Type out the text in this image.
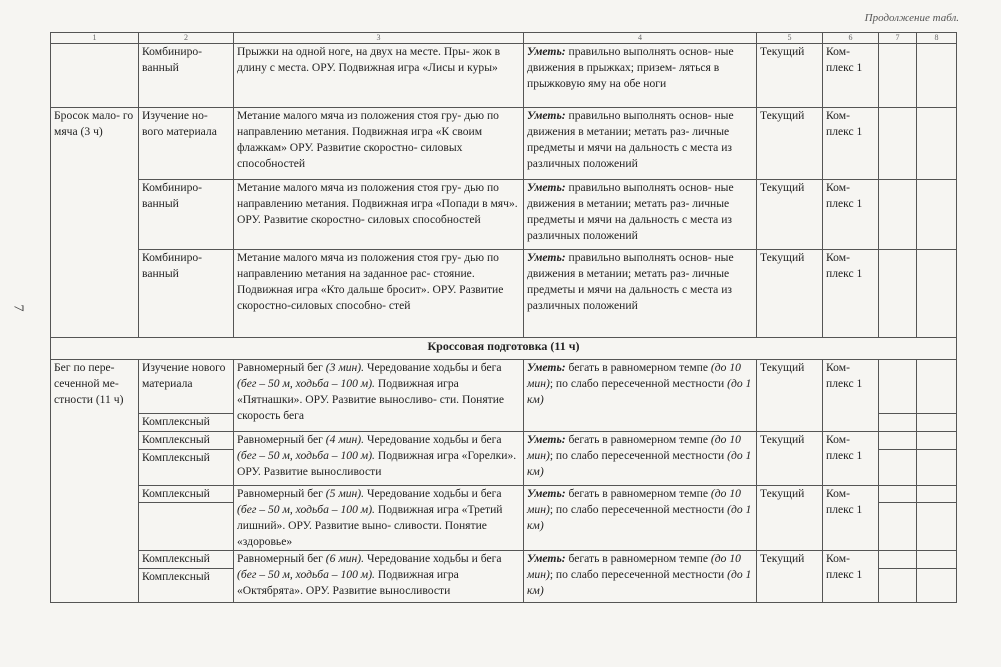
Продолжение табл.
7
1	2	3	4	5	6	7	8
	Комбиниро- ванный	Прыжки на одной ноге, на двух на месте. Пры- жок в длину с места. ОРУ. Подвижная игра «Лисы и куры»	Уметь: правильно выполнять основ- ные движения в прыжках; призем- ляться в прыжковую яму на обе ноги	Текущий	Ком- плекс 1		
Бросок мало- го мяча (3 ч)	Изучение но- вого материала	Метание малого мяча из положения стоя гру- дью по направлению метания. Подвижная игра «К своим флажкам» ОРУ. Развитие скоростно- силовых способностей	Уметь: правильно выполнять основ- ные движения в метании; метать раз- личные предметы и мячи на дальность с места из различных положений	Текущий	Ком- плекс 1		
	Комбиниро- ванный	Метание малого мяча из положения стоя гру- дью по направлению метания. Подвижная игра «Попади в мяч». ОРУ. Развитие скоростно- силовых способностей	Уметь: правильно выполнять основ- ные движения в метании; метать раз- личные предметы и мячи на дальность с места из различных положений	Текущий	Ком- плекс 1		
	Комбиниро- ванный	Метание малого мяча из положения стоя гру- дью по направлению метания на заданное рас- стояние. Подвижная игра «Кто дальше бросит». ОРУ. Развитие скоростно-силовых способно- стей	Уметь: правильно выполнять основ- ные движения в метании; метать раз- личные предметы и мячи на дальность с места из различных положений	Текущий	Ком- плекс 1		
Кроссовая подготовка (11 ч)							
Бег по пере- сеченной ме- стности (11 ч)	Изучение нового материала	Равномерный бег (3 мин). Чередование ходьбы и бега (бег – 50 м, ходьба – 100 м). Подвижная игра «Пятнашки». ОРУ. Развитие выносливо- сти. Понятие скорость бега	Уметь: бегать в равномерном темпе (до 10 мин); по слабо пересеченной местности (до 1 км)	Текущий	Ком- плекс 1		
	Комплексный						
	Комплексный	Равномерный бег (4 мин). Чередование ходьбы и бега (бег – 50 м, ходьба – 100 м). Подвижная игра «Горелки». ОРУ. Развитие выносливости	Уметь: бегать в равномерном темпе (до 10 мин); по слабо пересеченной местности (до 1 км)	Текущий	Ком- плекс 1		
	Комплексный						
	Комплексный	Равномерный бег (5 мин). Чередование ходьбы и бега (бег – 50 м, ходьба – 100 м). Подвижная игра «Третий лишний». ОРУ. Развитие выно- сливости. Понятие «здоровье»	Уметь: бегать в равномерном темпе (до 10 мин); по слабо пересеченной местности (до 1 км)	Текущий	Ком- плекс 1		

	Комплексный	Равномерный бег (6 мин). Чередование ходьбы и бега (бег – 50 м, ходьба – 100 м). Подвижная игра «Октябрята». ОРУ. Развитие выносливости	Уметь: бегать в равномерном темпе (до 10 мин); по слабо пересеченной местности (до 1 км)	Текущий	Ком- плекс 1		
	Комплексный						
